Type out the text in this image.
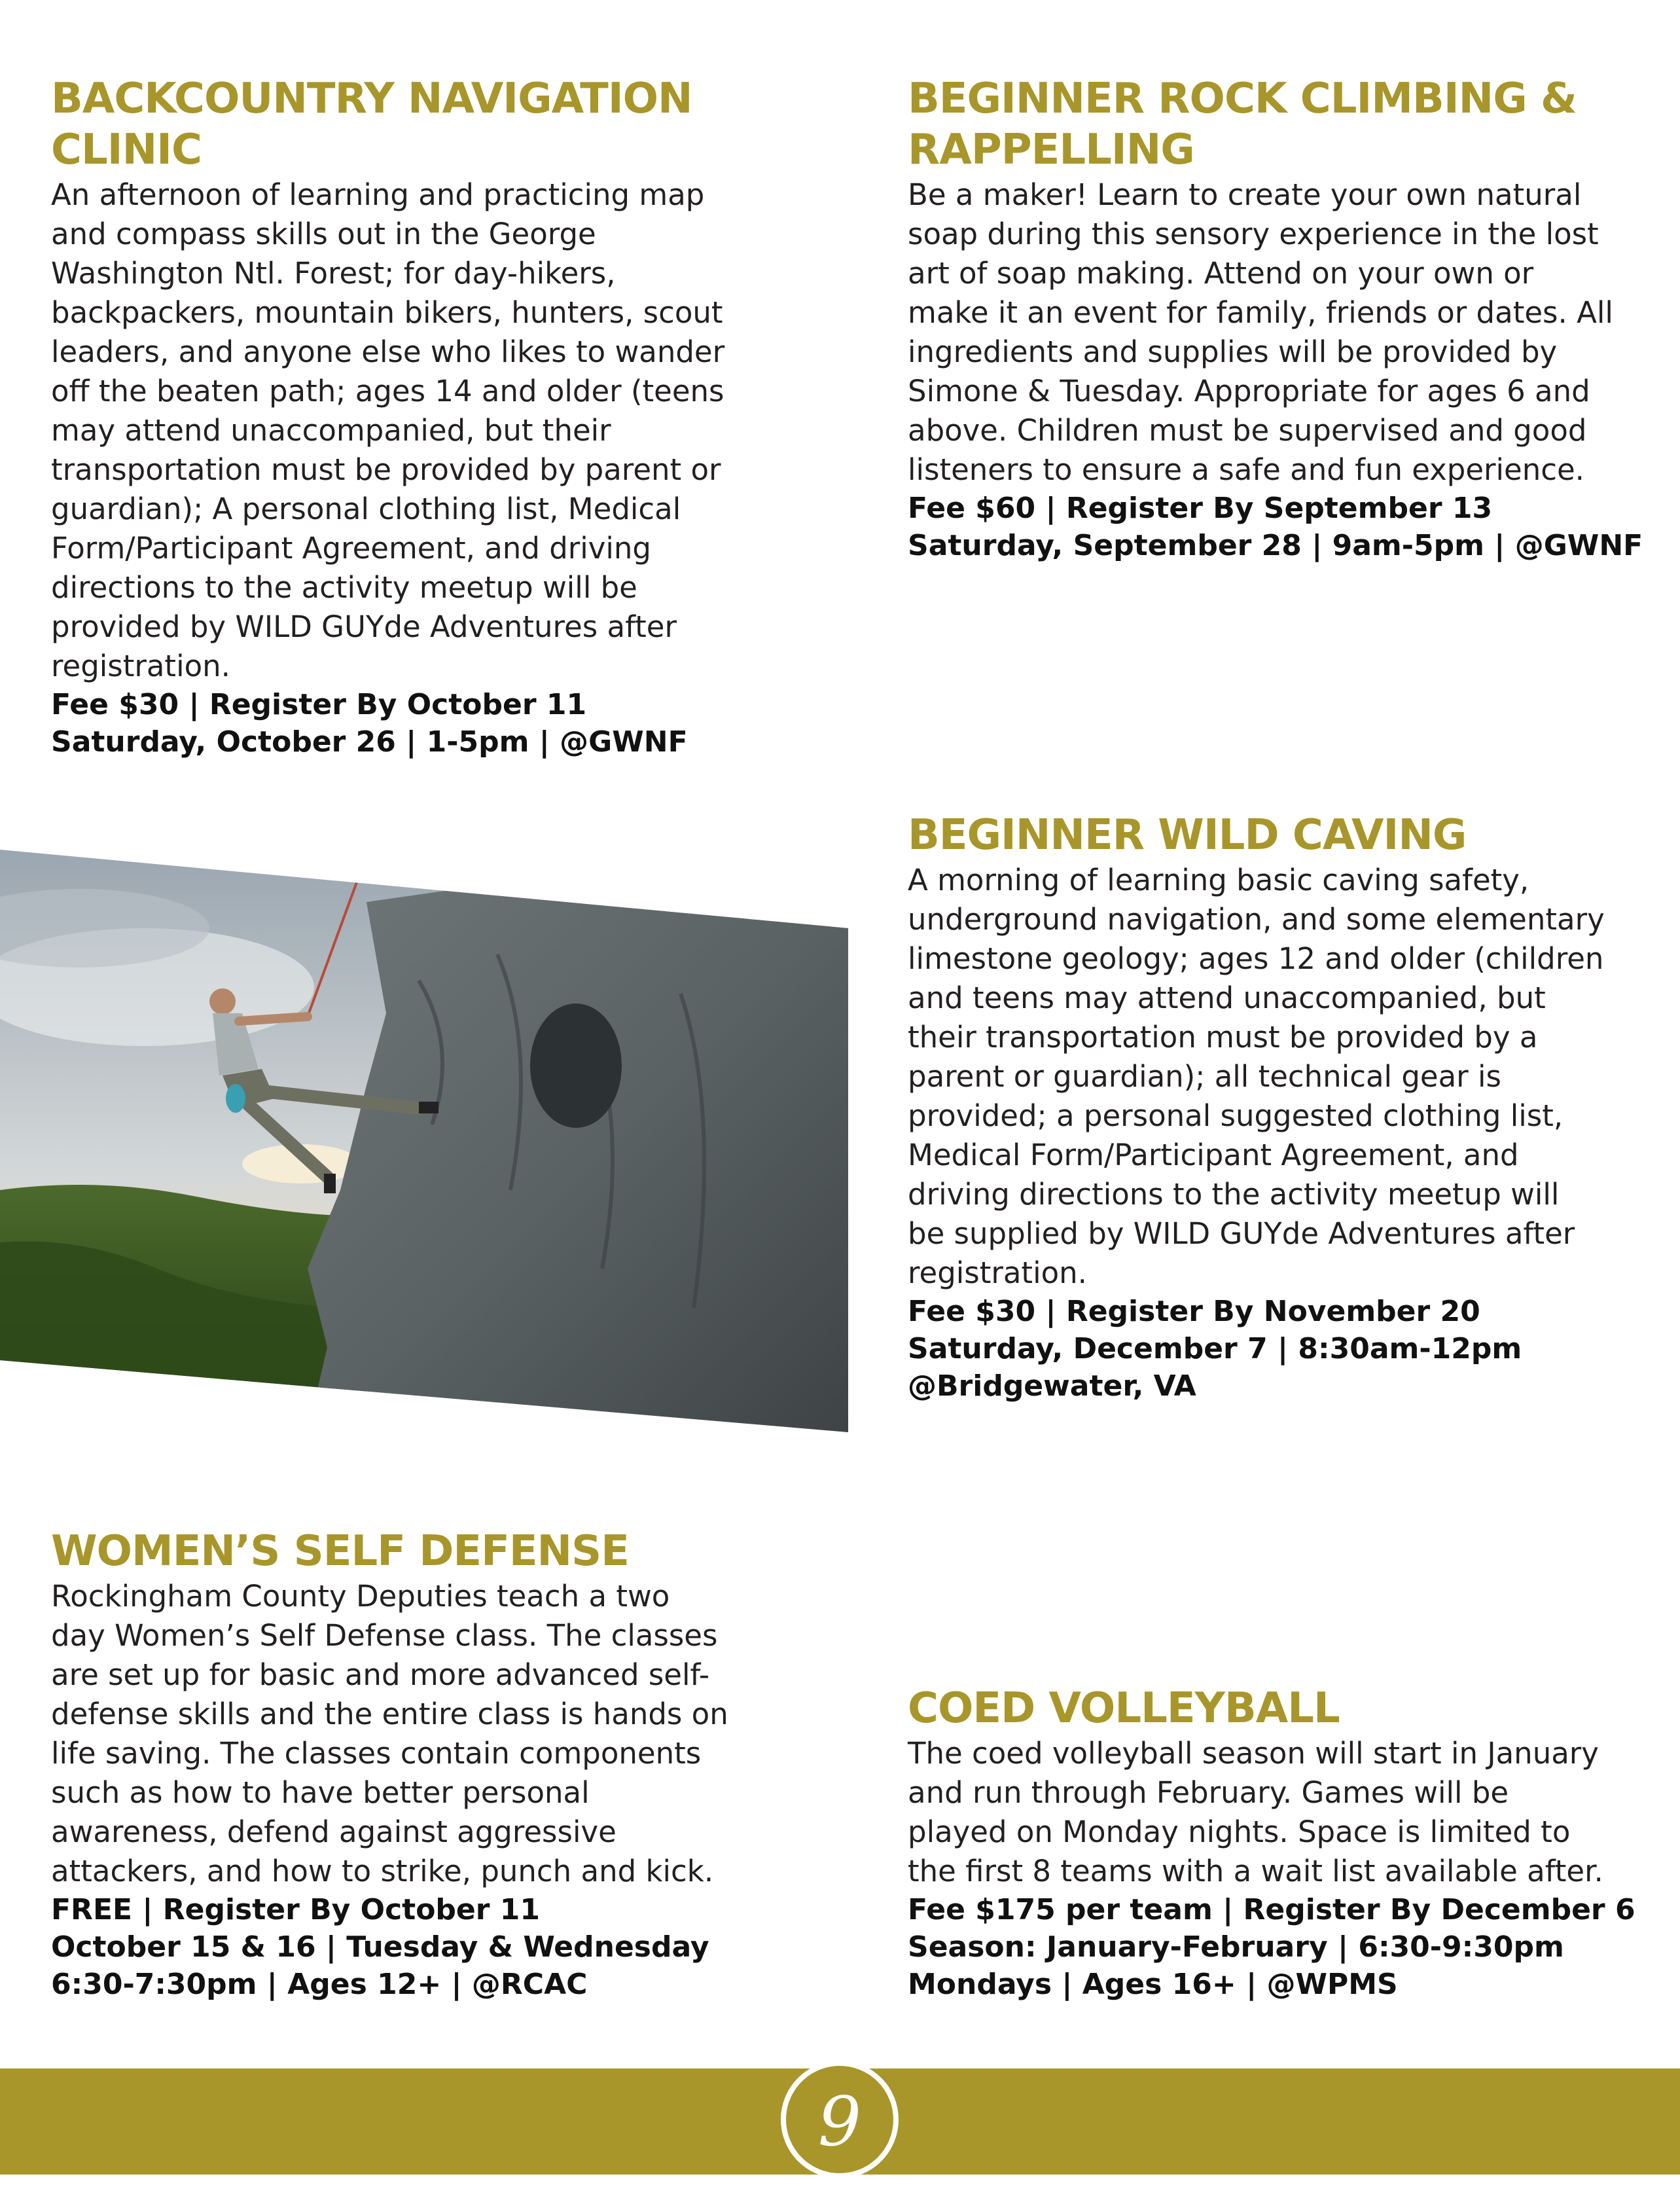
BACKCOUNTRY NAVIGATION
CLINIC

An afternoon of learning and practicing map
and compass skills out in the George
Washington Ntl. Forest; for day-hikers,
backpackers, mountain bikers, hunters, scout
leaders, and anyone else who likes to wander
off the beaten path; ages 14 and older (teens
may attend unaccompanied, but their
transportation must be provided by parent or
guardian); A personal clothing list, Medical
Form/Participant Agreement, and driving
directions to the activity meetup will be
provided by WILD GUYde Adventures after
registration.

Fee $30 | Register By October 11
Saturday, October 26 | 1-5pm | @GWNF
BEGINNER ROCK CLIMBING &
RAPPELLING

Be a maker! Learn to create your own natural
soap during this sensory experience in the lost
art of soap making. Attend on your own or
make it an event for family, friends or dates. All
ingredients and supplies will be provided by
Simone & Tuesday. Appropriate for ages 6 and
above. Children must be supervised and good
listeners to ensure a safe and fun experience.

Fee $60 | Register By September 13
Saturday, September 28 | 9am-5pm | @GWNF
BEGINNER WILD CAVING

A morning of learning basic caving safety,
underground navigation, and some elementary
limestone geology; ages 12 and older (children
and teens may attend unaccompanied, but
their transportation must be provided by a
parent or guardian); all technical gear is
provided; a personal suggested clothing list,
Medical Form/Participant Agreement, and
driving directions to the activity meetup will
be supplied by WILD GUYde Adventures after
registration.

Fee $30 | Register By November 20
Saturday, December 7 | 8:30am-12pm
@Bridgewater, VA
WOMEN’S SELF DEFENSE

Rockingham County Deputies teach a two
day Women’s Self Defense class. The classes
are set up for basic and more advanced self-
defense skills and the entire class is hands on
life saving. The classes contain components
such as how to have better personal
awareness, defend against aggressive
attackers, and how to strike, punch and kick.

FREE | Register By October 11
October 15 & 16 | Tuesday & Wednesday
6:30-7:30pm | Ages 12+ | @RCAC
COED VOLLEYBALL

The coed volleyball season will start in January
and run through February. Games will be
played on Monday nights. Space is limited to
the first 8 teams with a wait list available after.

Fee $175 per team | Register By December 6
Season: January-February | 6:30-9:30pm
Mondays | Ages 16+ | @WPMS
9
